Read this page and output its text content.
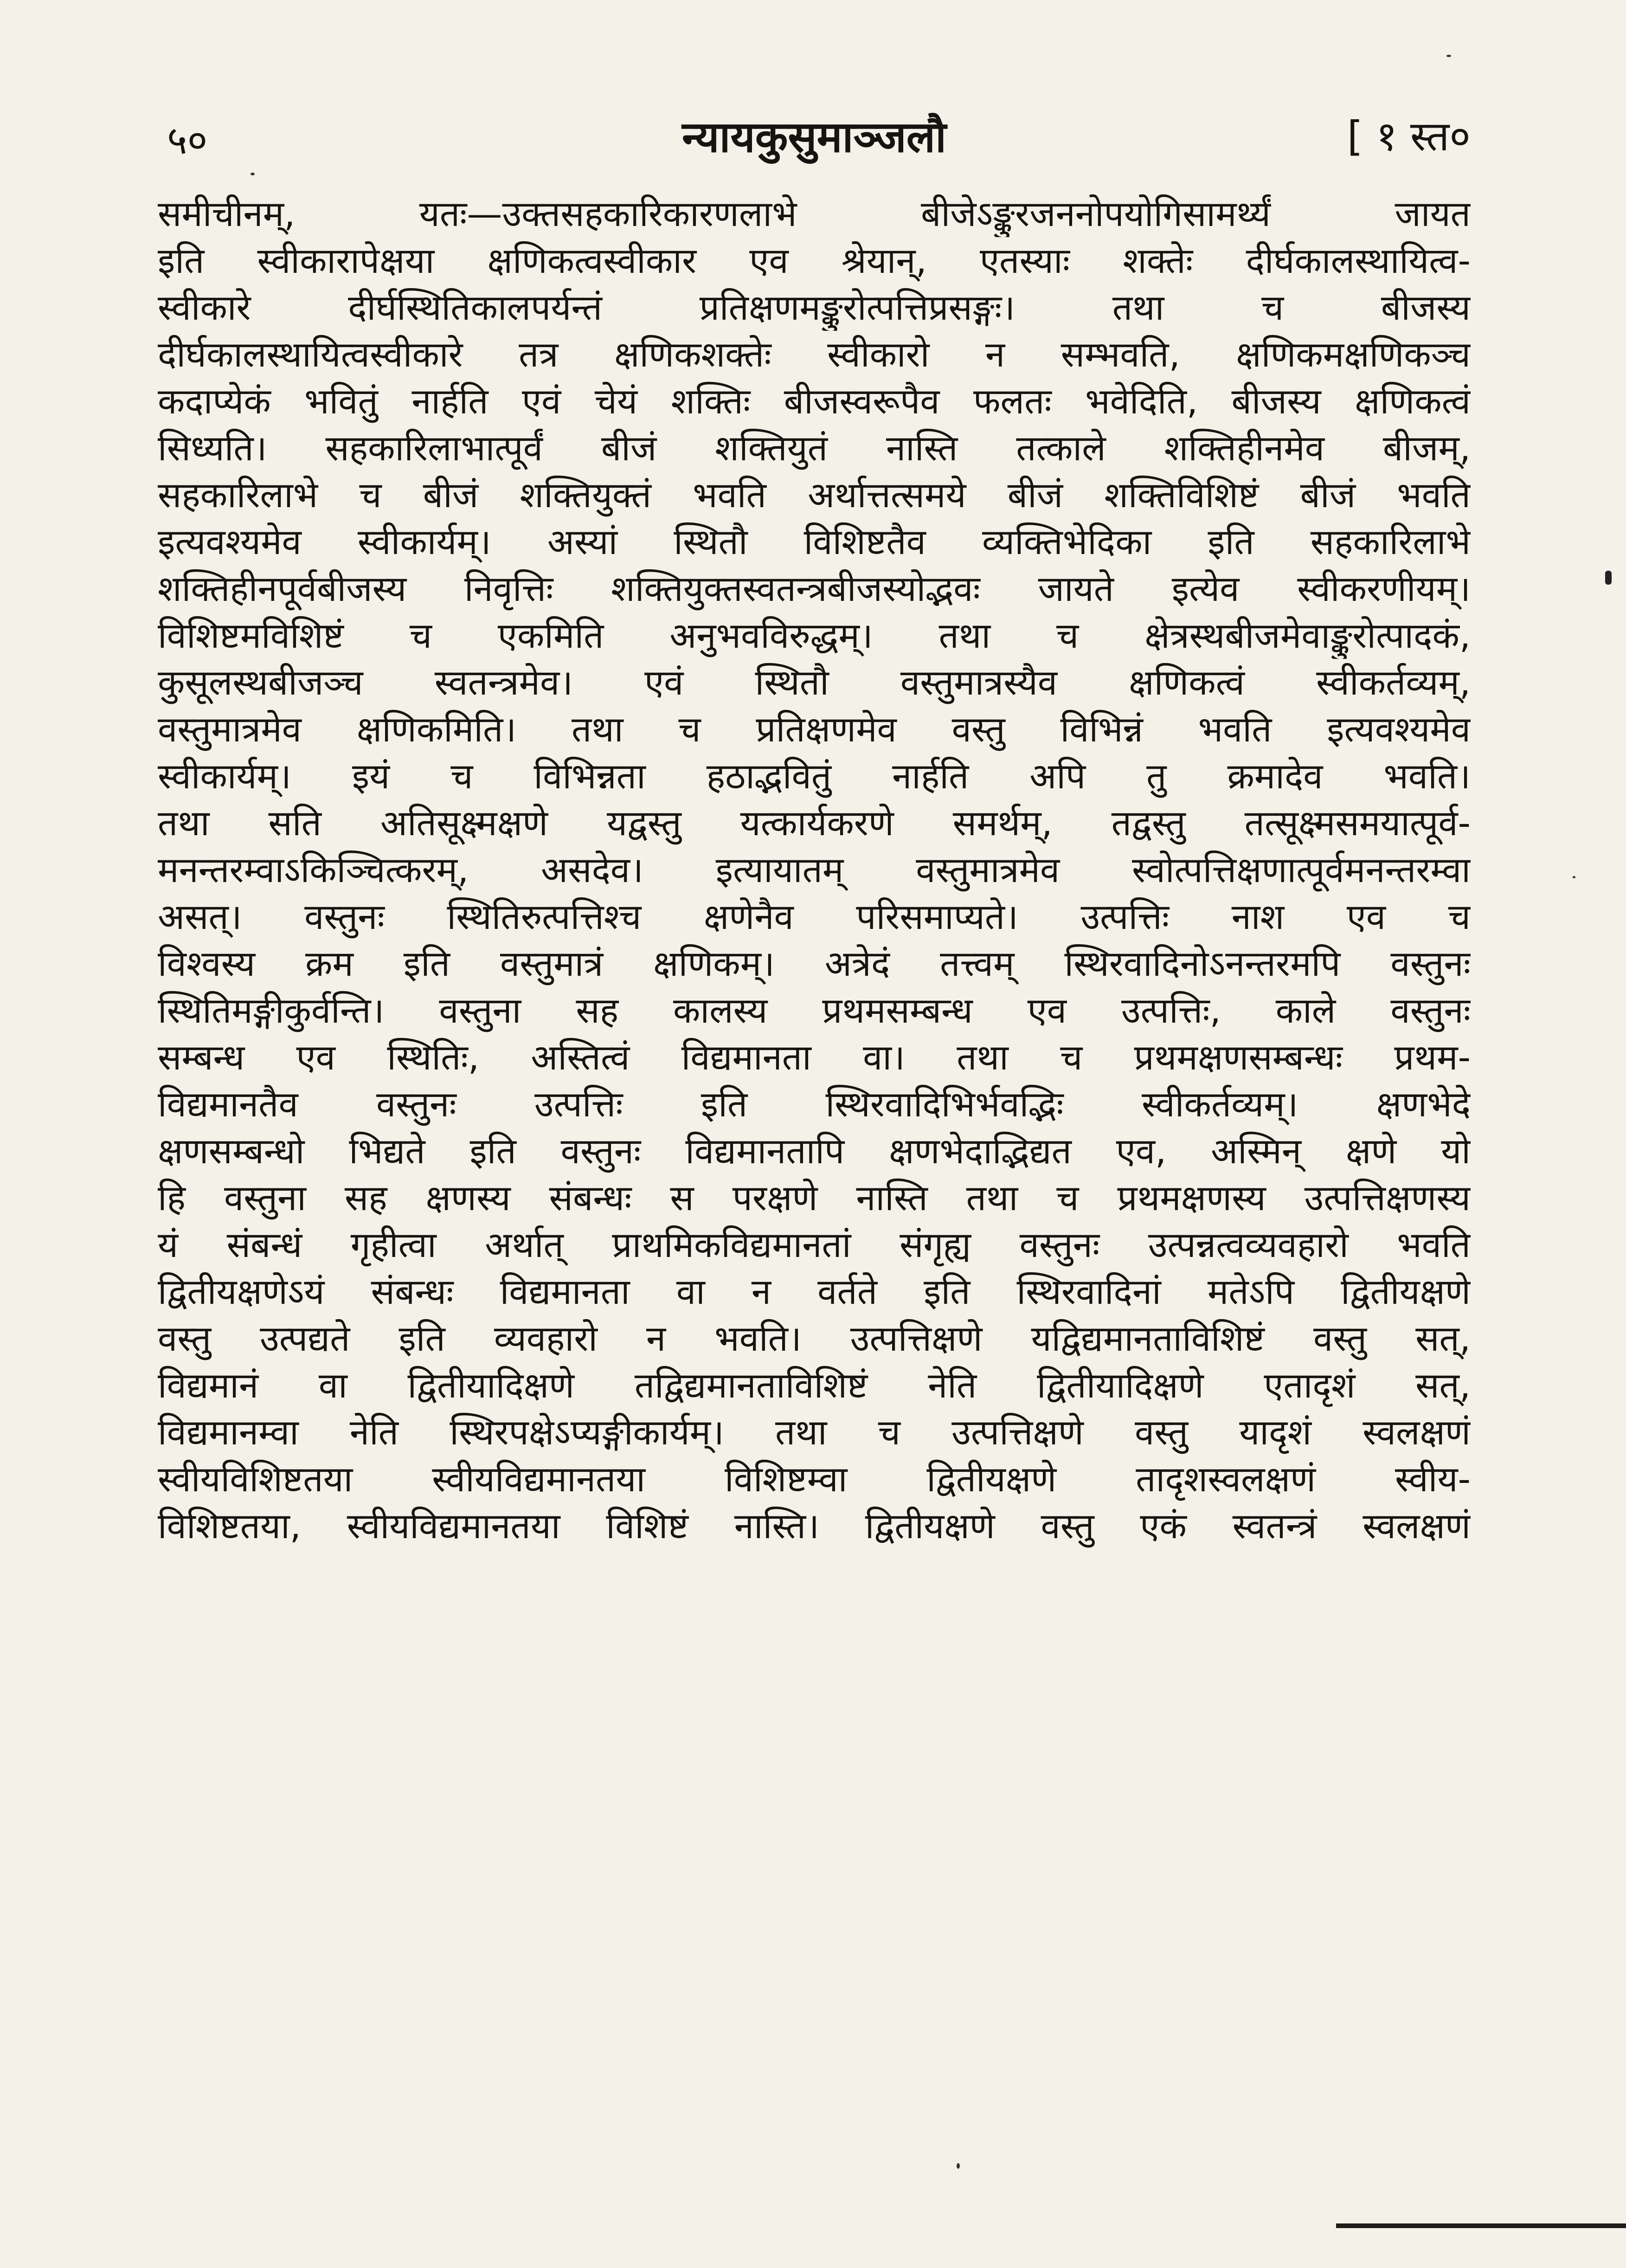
५०	न्यायकुसुमाञ्जलौ	[ १ स्त०
समीचीनम्, यतः—उक्तसहकारिकारणलाभे बीजेऽङ्कुरजननोपयोगिसामर्थ्यं जायत
इति स्वीकारापेक्षया क्षणिकत्वस्वीकार एव श्रेयान्, एतस्याः शक्तेः दीर्घकालस्थायित्व-
स्वीकारे दीर्घस्थितिकालपर्यन्तं प्रतिक्षणमङ्कुरोत्पत्तिप्रसङ्गः। तथा च बीजस्य
दीर्घकालस्थायित्वस्वीकारे तत्र क्षणिकशक्तेः स्वीकारो न सम्भवति, क्षणिकमक्षणिकञ्च
कदाप्येकं भवितुं नार्हति एवं चेयं शक्तिः बीजस्वरूपैव फलतः भवेदिति, बीजस्य क्षणिकत्वं
सिध्यति। सहकारिलाभात्पूर्वं बीजं शक्तियुतं नास्ति तत्काले शक्तिहीनमेव बीजम्,
सहकारिलाभे च बीजं शक्तियुक्तं भवति अर्थात्तत्समये बीजं शक्तिविशिष्टं बीजं भवति
इत्यवश्यमेव स्वीकार्यम्। अस्यां स्थितौ विशिष्टतैव व्यक्तिभेदिका इति सहकारिलाभे
शक्तिहीनपूर्वबीजस्य निवृत्तिः शक्तियुक्तस्वतन्त्रबीजस्योद्भवः जायते इत्येव स्वीकरणीयम्।
विशिष्टमविशिष्टं च एकमिति अनुभवविरुद्धम्। तथा च क्षेत्रस्थबीजमेवाङ्कुरोत्पादकं,
कुसूलस्थबीजञ्च स्वतन्त्रमेव। एवं स्थितौ वस्तुमात्रस्यैव क्षणिकत्वं स्वीकर्तव्यम्,
वस्तुमात्रमेव क्षणिकमिति। तथा च प्रतिक्षणमेव वस्तु विभिन्नं भवति इत्यवश्यमेव
स्वीकार्यम्। इयं च विभिन्नता हठाद्भवितुं नार्हति अपि तु क्रमादेव भवति।
तथा सति अतिसूक्ष्मक्षणे यद्वस्तु यत्कार्यकरणे समर्थम्, तद्वस्तु तत्सूक्ष्मसमयात्पूर्व-
मनन्तरम्वाऽकिञ्चित्करम्, असदेव। इत्यायातम् वस्तुमात्रमेव स्वोत्पत्तिक्षणात्पूर्वमनन्तरम्वा
असत्। वस्तुनः स्थितिरुत्पत्तिश्च क्षणेनैव परिसमाप्यते। उत्पत्तिः नाश एव च
विश्वस्य क्रम इति वस्तुमात्रं क्षणिकम्। अत्रेदं तत्त्वम् स्थिरवादिनोऽनन्तरमपि वस्तुनः
स्थितिमङ्गीकुर्वन्ति। वस्तुना सह कालस्य प्रथमसम्बन्ध एव उत्पत्तिः, काले वस्तुनः
सम्बन्ध एव स्थितिः, अस्तित्वं विद्यमानता वा। तथा च प्रथमक्षणसम्बन्धः प्रथम-
विद्यमानतैव वस्तुनः उत्पत्तिः इति स्थिरवादिभिर्भवद्भिः स्वीकर्तव्यम्। क्षणभेदे
क्षणसम्बन्धो भिद्यते इति वस्तुनः विद्यमानतापि क्षणभेदाद्भिद्यत एव, अस्मिन् क्षणे यो
हि वस्तुना सह क्षणस्य संबन्धः स परक्षणे नास्ति तथा च प्रथमक्षणस्य उत्पत्तिक्षणस्य
यं संबन्धं गृहीत्वा अर्थात् प्राथमिकविद्यमानतां संगृह्य वस्तुनः उत्पन्नत्वव्यवहारो भवति
द्वितीयक्षणेऽयं संबन्धः विद्यमानता वा न वर्तते इति स्थिरवादिनां मतेऽपि द्वितीयक्षणे
वस्तु उत्पद्यते इति व्यवहारो न भवति। उत्पत्तिक्षणे यद्विद्यमानताविशिष्टं वस्तु सत्,
विद्यमानं वा द्वितीयादिक्षणे तद्विद्यमानताविशिष्टं नेति द्वितीयादिक्षणे एतादृशं सत्,
विद्यमानम्वा नेति स्थिरपक्षेऽप्यङ्गीकार्यम्। तथा च उत्पत्तिक्षणे वस्तु यादृशं स्वलक्षणं
स्वीयविशिष्टतया स्वीयविद्यमानतया विशिष्टम्वा द्वितीयक्षणे तादृशस्वलक्षणं स्वीय-
विशिष्टतया, स्वीयविद्यमानतया विशिष्टं नास्ति। द्वितीयक्षणे वस्तु एकं स्वतन्त्रं स्वलक्षणं
